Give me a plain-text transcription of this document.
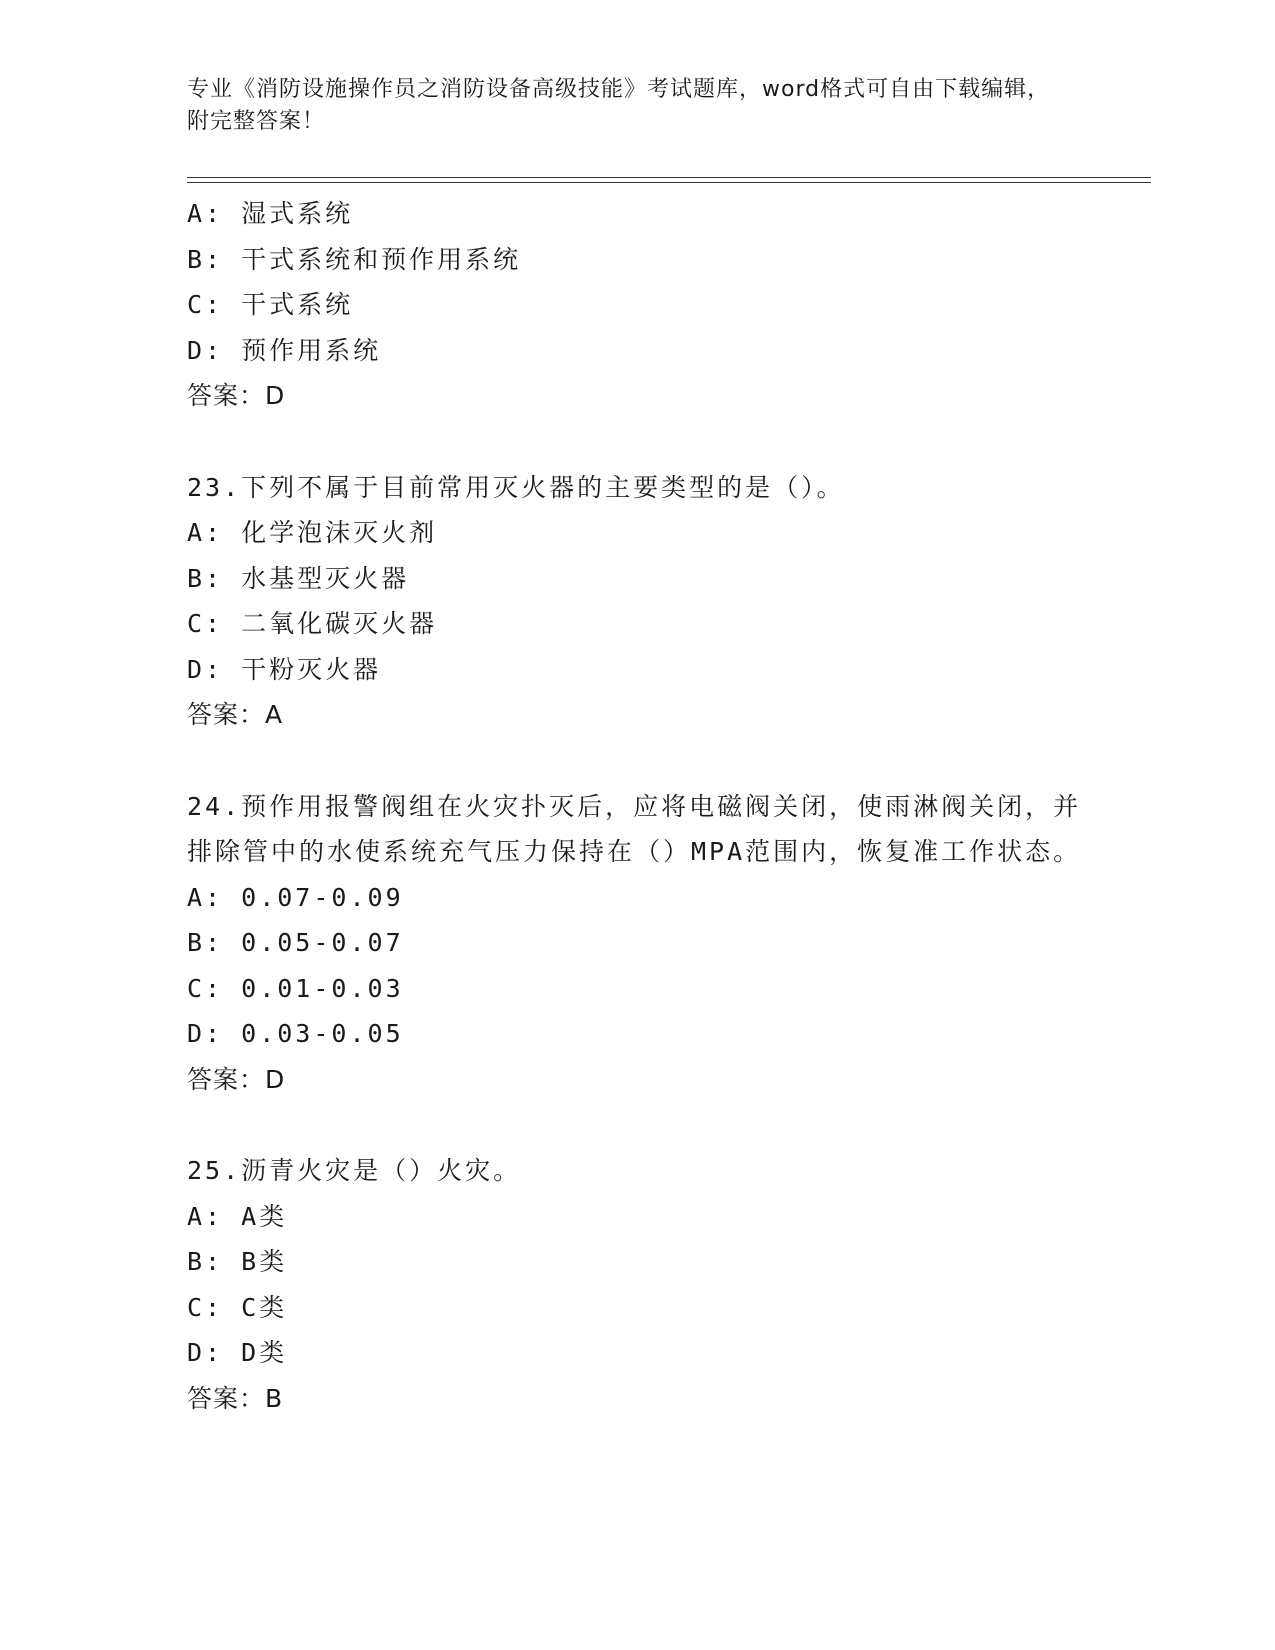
专业《消防设施操作员之消防设备高级技能》考试题库，word格式可自由下载编辑，附完整答案！
A: 湿式系统
B: 干式系统和预作用系统
C: 干式系统
D: 预作用系统
答案：D
23.下列不属于目前常用灭火器的主要类型的是（）。
A: 化学泡沫灭火剂
B: 水基型灭火器
C: 二氧化碳灭火器
D: 干粉灭火器
答案：A
24.预作用报警阀组在火灾扑灭后，应将电磁阀关闭，使雨淋阀关闭，并排除管中的水使系统充气压力保持在（）MPA范围内，恢复准工作状态。
A: 0.07-0.09
B: 0.05-0.07
C: 0.01-0.03
D: 0.03-0.05
答案：D
25.沥青火灾是（）火灾。
A: A类
B: B类
C: C类
D: D类
答案：B
